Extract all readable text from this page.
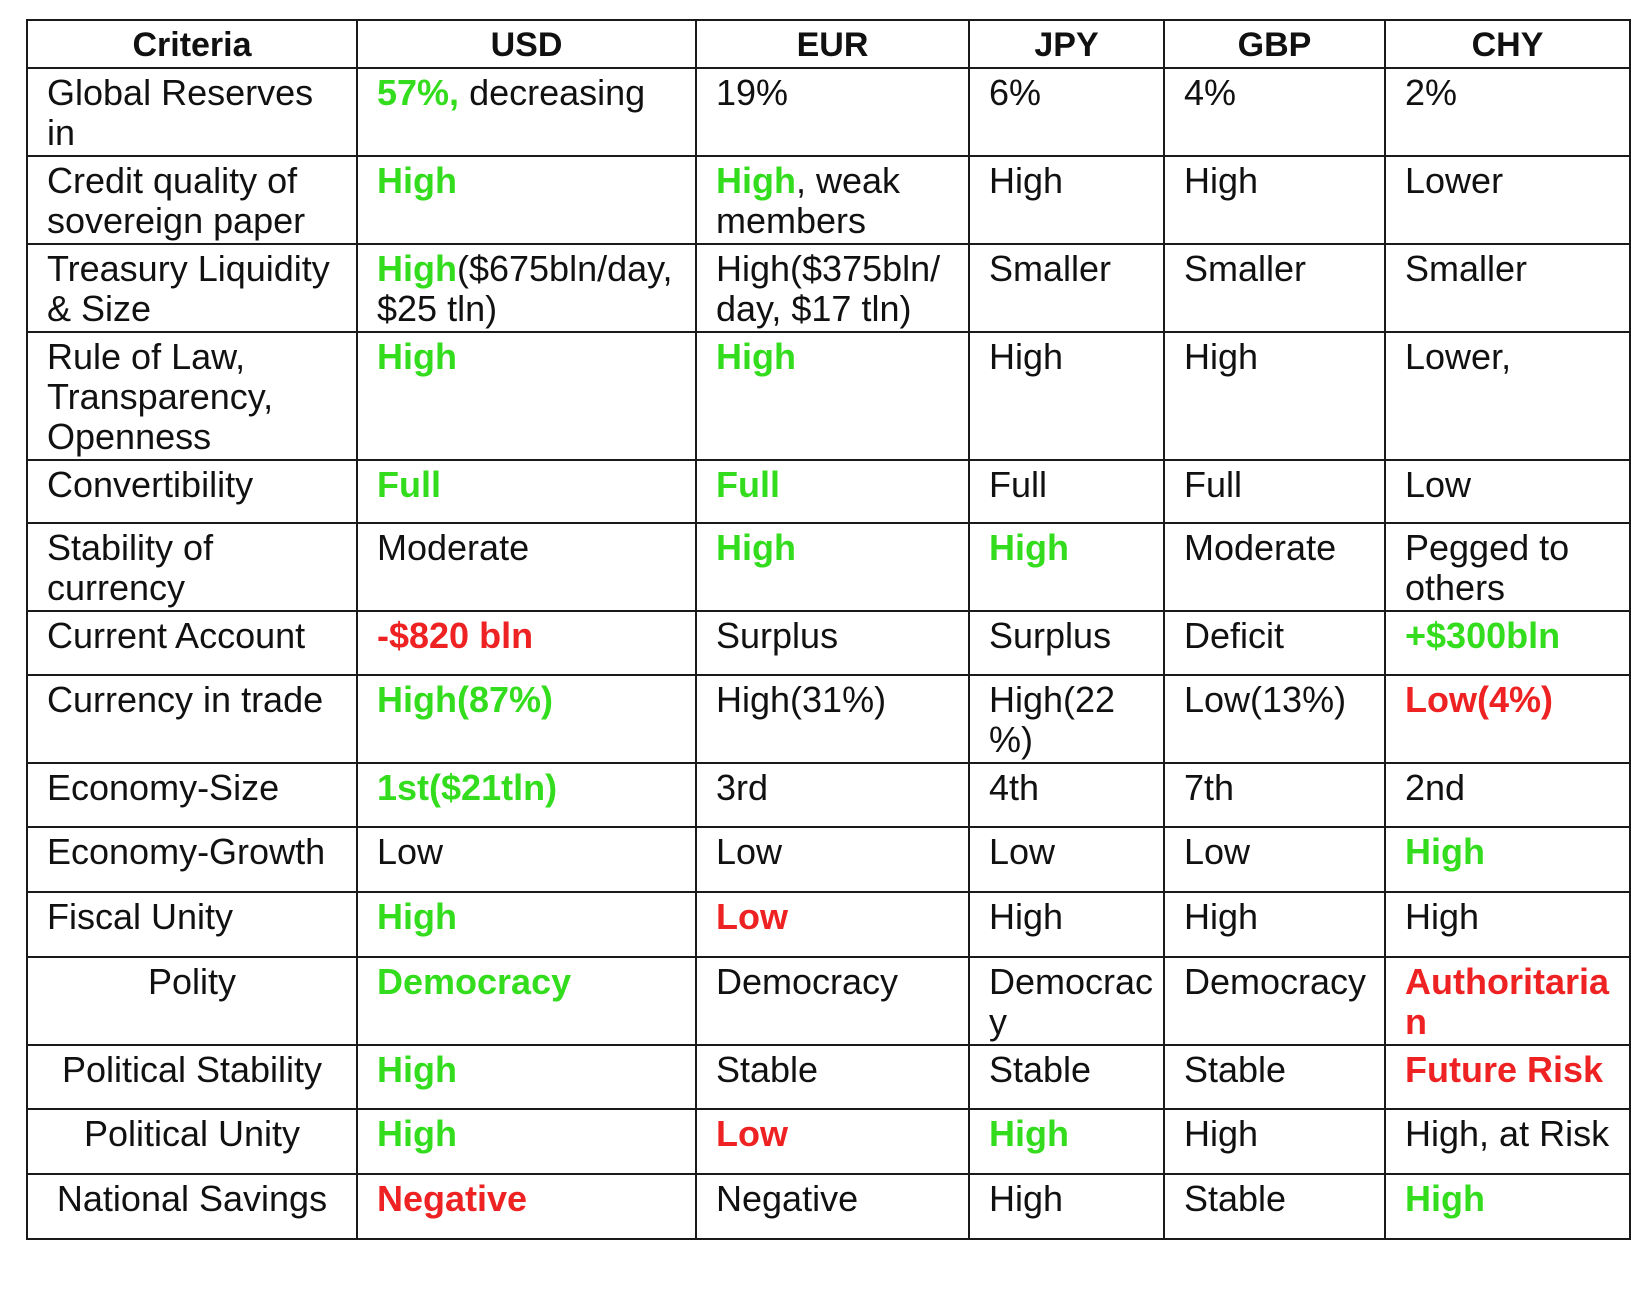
Criteria	USD	EUR	JPY	GBP	CHY
Global Reserves in	57%, decreasing	19%	6%	4%	2%
Credit quality of sovereign paper	High	High, weak members	High	High	Lower
Treasury Liquidity & Size	High($675bln/day, $25 tln)	High($375bln/ day, $17 tln)	Smaller	Smaller	Smaller
Rule of Law, Transparency, Openness	High	High	High	High	Lower,
Convertibility	Full	Full	Full	Full	Low
Stability of currency	Moderate	High	High	Moderate	Pegged to others
Current Account	-$820 bln	Surplus	Surplus	Deficit	+$300bln
Currency in trade	High(87%)	High(31%)	High(22 %)	Low(13%)	Low(4%)
Economy-Size	1st($21tln)	3rd	4th	7th	2nd
Economy-Growth	Low	Low	Low	Low	High
Fiscal Unity	High	Low	High	High	High
Polity	Democracy	Democracy	Democracy	Democracy	Authoritarian
Political Stability	High	Stable	Stable	Stable	Future Risk
Political Unity	High	Low	High	High	High, at Risk
National Savings	Negative	Negative	High	Stable	High
